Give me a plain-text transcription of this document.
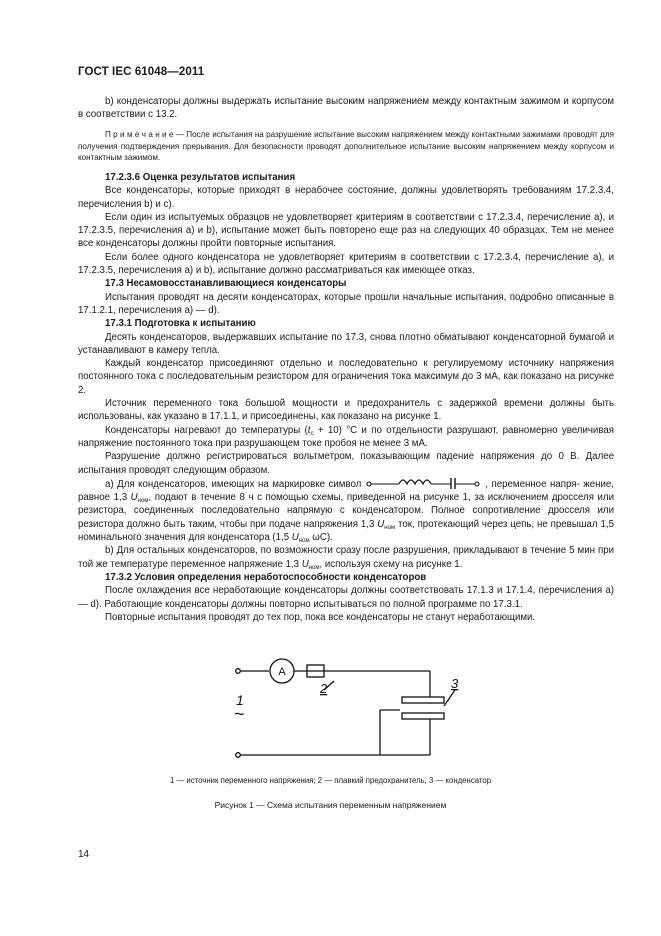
ГОСТ IEC 61048—2011

b) конденсаторы должны выдержать испытание высоким напряжением между контактным зажимом и корпусом в соответствии с 13.2.

П р и м е ч а н и е — После испытания на разрушение испытание высоким напряжением между контактными зажимами проводят для получения подтверждения прерывания. Для безопасности проводят дополнительное испытание высоким напряжением между корпусом и контактным зажимом.

17.2.3.6 Оценка результатов испытания

Все конденсаторы, которые приходят в нерабочее состояние, должны удовлетворять требованиям 17.2.3.4, перечисления b) и c).

Если один из испытуемых образцов не удовлетворяет критериям в соответствии с 17.2.3.4, перечисление a), и 17.2.3.5, перечисления a) и b), испытание может быть повторено еще раз на следующих 40 образцах. Тем не менее все конденсаторы должны пройти повторные испытания.

Если более одного конденсатора не удовлетворяет критериям в соответствии с 17.2.3.4, перечисление a), и 17.2.3.5, перечисления a) и b), испытание должно рассматриваться как имеющее отказ.

17.3 Несамовосстанавливающиеся конденсаторы

Испытания проводят на десяти конденсаторах, которые прошли начальные испытания, подробно описанные в 17.1.2.1, перечисления a) — d).

17.3.1 Подготовка к испытанию

Десять конденсаторов, выдержавших испытание по 17.3, снова плотно обматывают конденсаторной бумагой и устанавливают в камеру тепла.

Каждый конденсатор присоединяют отдельно и последовательно к регулируемому источнику напряжения постоянного тока с последовательным резистором для ограничения тока максимум до 3 мА, как показано на рисунке 2.

Источник переменного тока большой мощности и предохранитель с задержкой времени должны быть использованы, как указано в 17.1.1, и присоединены, как показано на рисунке 1.

Конденсаторы нагревают до температуры $(t_c + 10)$ °С и по отдельности разрушают, равномерно увеличивая напряжение постоянного тока при разрушающем токе пробоя не менее 3 мА.

Разрушение должно регистрироваться вольтметром, показывающим падение напряжения до 0 В. Далее испытания проводят следующим образом.

a) Для конденсаторов, имеющих на маркировке символ	, переменное напря- жение, равное 1,3 $U_{ном}$, подают в течение 8 ч с помощью схемы, приведенной на рисунке 1, за исключением дросселя или резистора, соединенных последовательно напрямую с конденсатором. Полное сопротивление дросселя или резистора должно быть таким, чтобы при подаче напряжения 1,3 $U_{ном}$ ток, протекающий через цепь, не превышал 1,5 номинального значения для конденсатора (1,5 $U_{ном}$ ωC).

b) Для остальных конденсаторов, по возможности сразу после разрушения, прикладывают в течение 5 мин при той же температуре переменное напряжение 1,3 $U_{ном}$, используя схему на рисунке 1.

17.3.2 Условия определения неработоспособности конденсаторов

После охлаждения все неработающие конденсаторы должны соответствовать 17.1.3 и 17.1.4, перечисления a) — d). Работающие конденсаторы должны повторно испытываться по полной программе по 17.3.1.

Повторные испытания проводят до тех пор, пока все конденсаторы не станут неработающими.

A
1
~
2	3
1 — источник переменного напряжения; 2 — плавкий предохранитель; 3 — конденсатор
Рисунок 1 — Схема испытания переменным напряжением
14
